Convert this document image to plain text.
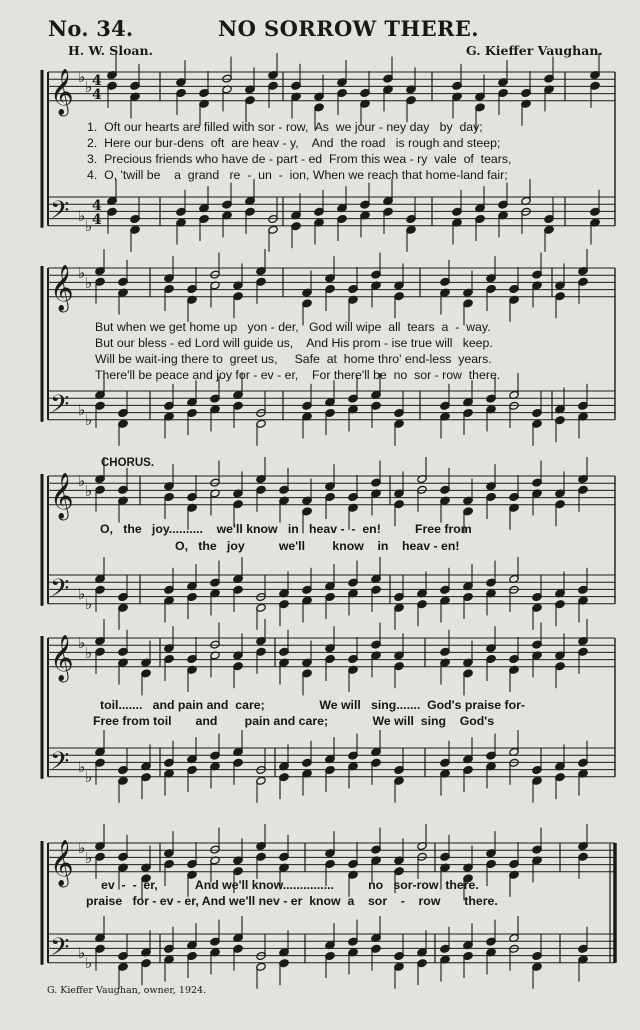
No. 34.	NO SORROW THERE.
H. W. Sloan.	G. Kieffer Vaughan.
𝄞
𝄢
♭
♭
♭
♭
4
4
4
4
𝄞
𝄢
♭
♭
♭
♭
𝄞
𝄢
♭
♭
♭
♭
𝄞
𝄢
♭
♭
♭
♭
𝄞
𝄢
♭
♭
♭
♭
1.  Oft our hearts are filled with sor - row,  As  we jour - ney day   by  day;
2.  Here our bur-dens  oft  are heav - y,    And  the road   is rough and steep;
3.  Precious friends who have de - part - ed  From this wea - ry  vale  of  tears,
4.  O, 'twill be    a  grand   re  -  un  -  ion, When we reach that home-land fair;
But when we get home up   yon - der,   God will wipe  all  tears  a  -  way.
But our bless - ed Lord will guide us,    And His prom - ise true will   keep.
Will be wait-ing there to  greet us,     Safe  at  home thro' end-less  years.
There'll be peace and joy for - ev - er,    For there'll be  no  sor - row  there.
CHORUS.
O,   the   joy..........    we'll know   in   heav -  -  en!          Free from
O,   the   joy          we'll        know    in    heav - en!
toil.......   and pain and  care;                We will   sing.......  God's praise for-
Free from toil       and        pain and care;             We will  sing    God's
ev  -  -  er,           And we'll know...............          no   sor-row  there.
praise   for - ev - er, And we'll nev - er  know  a    sor    -    row       there.
G. Kieffer Vaughan, owner, 1924.
